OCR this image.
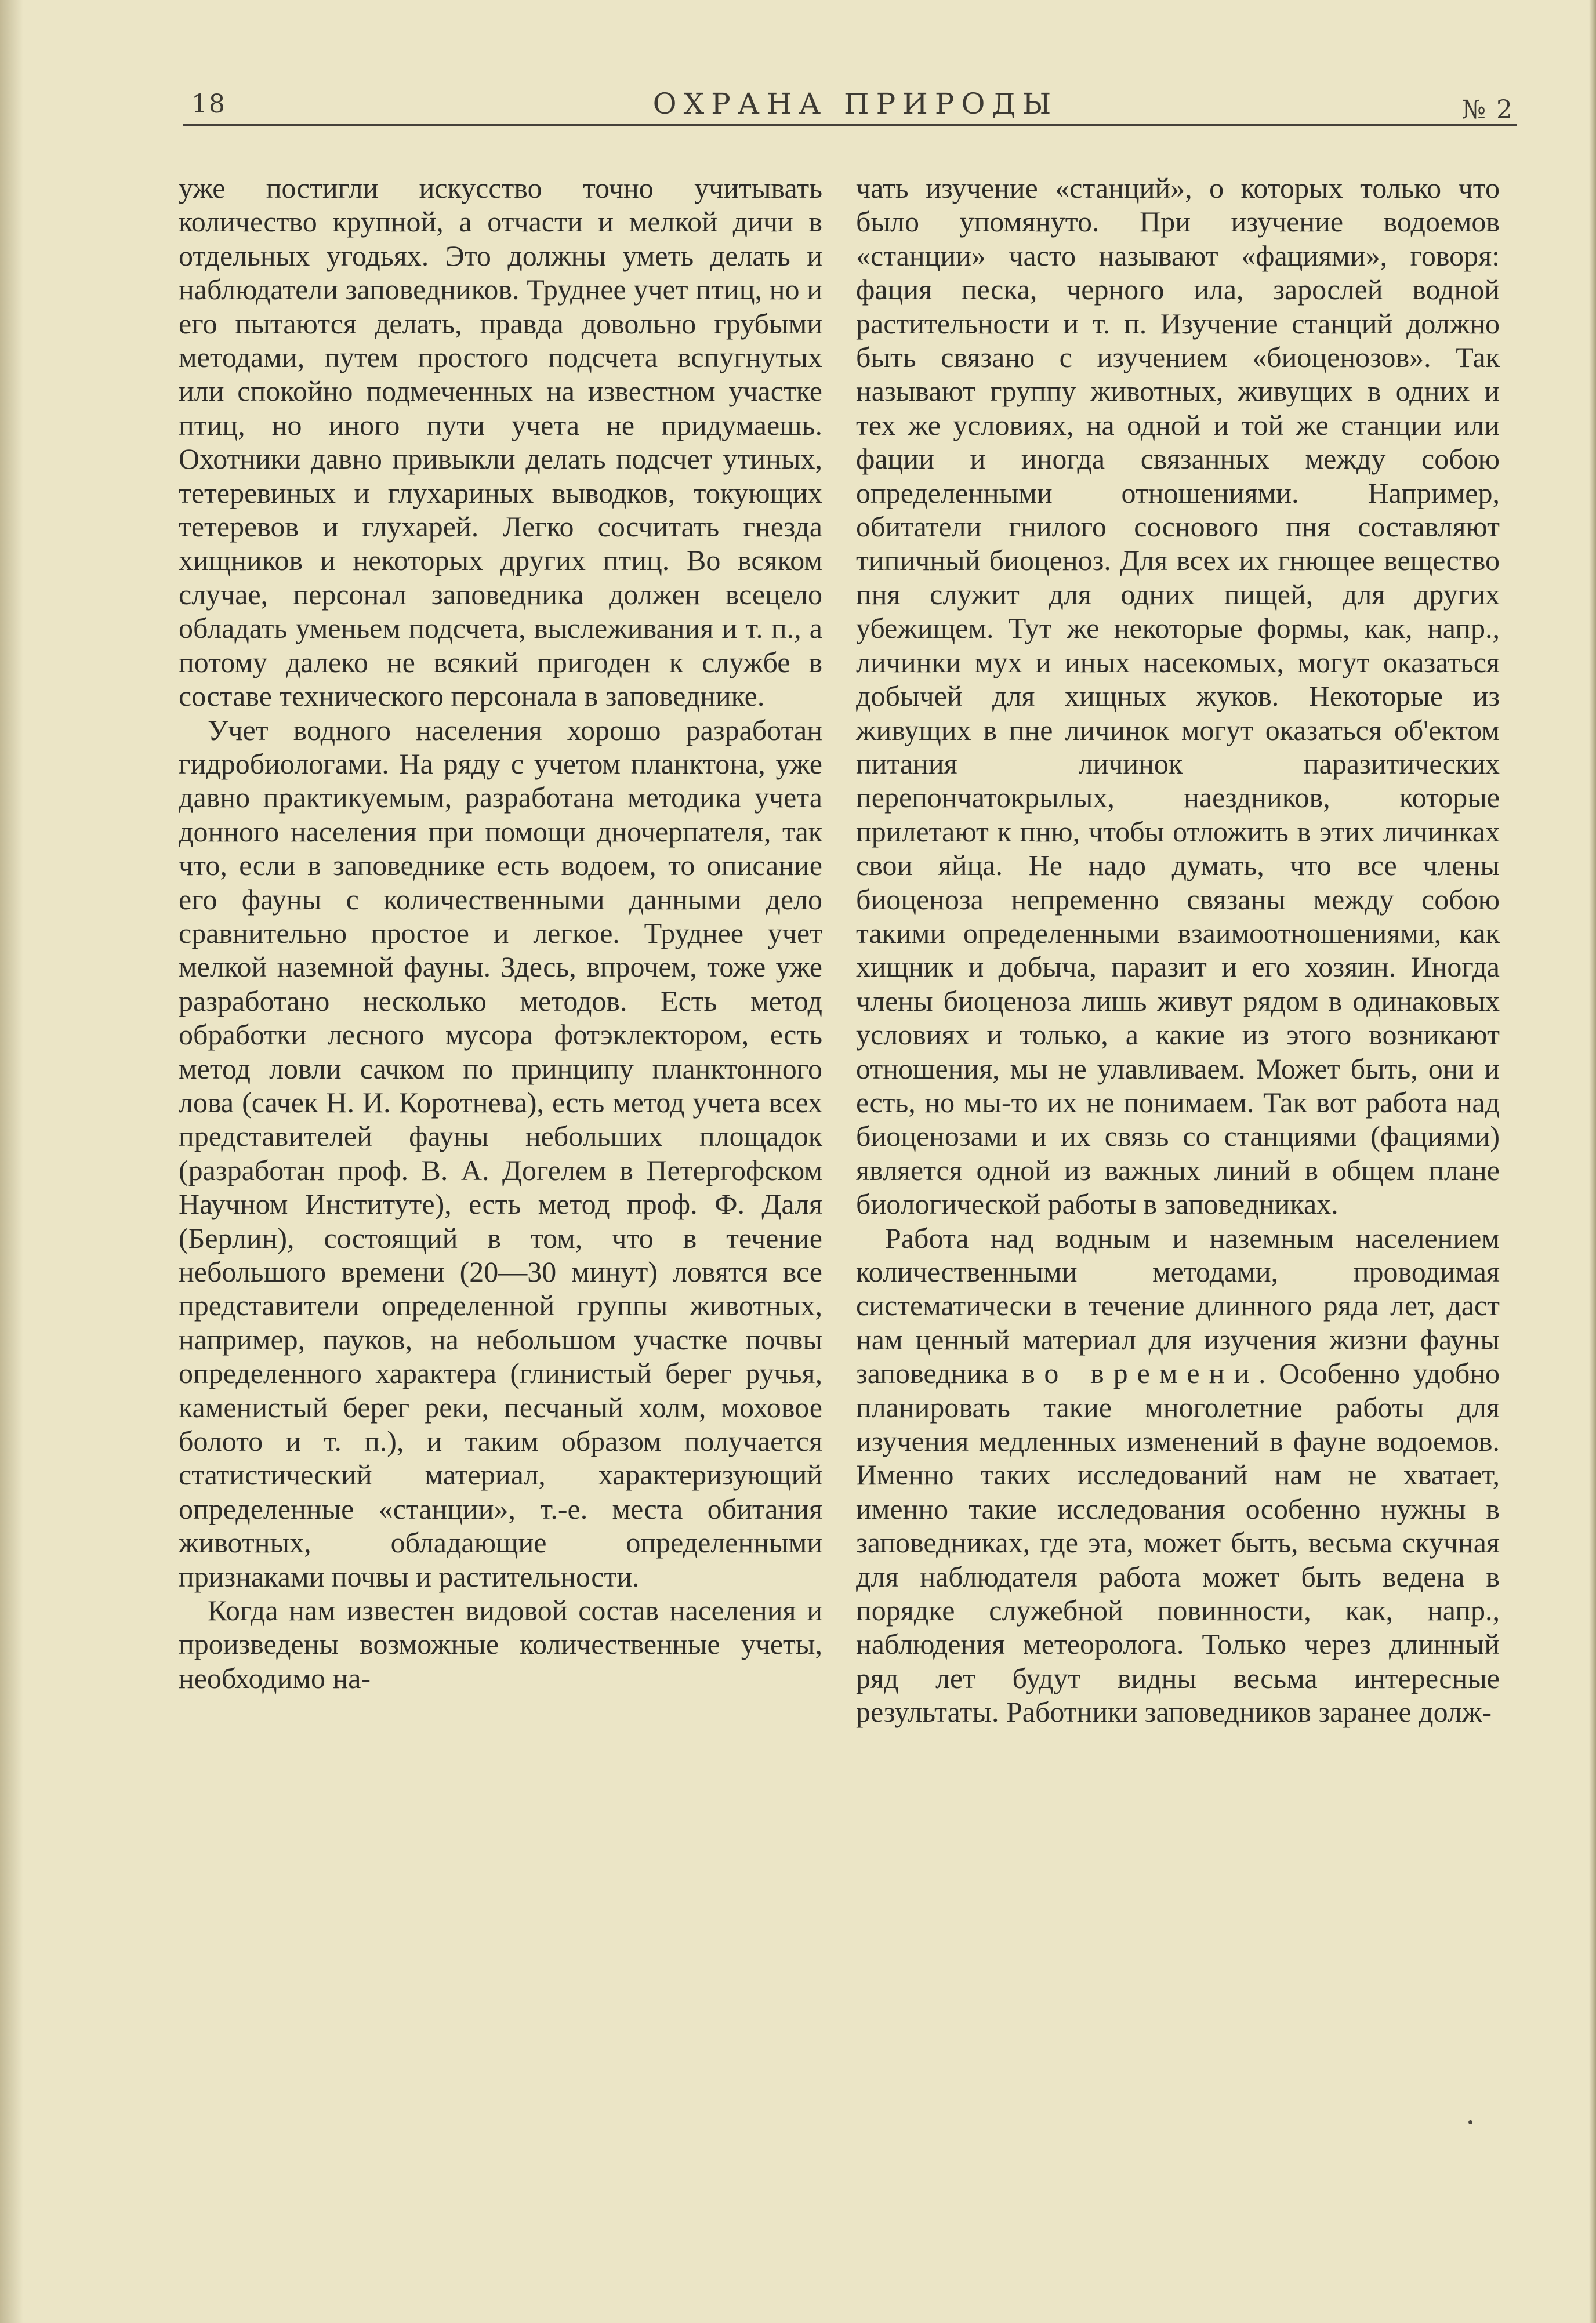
18	ОХРАНА ПРИРОДЫ	№ 2

уже постигли искусство точно учитывать количество крупной, а отчасти и мелкой дичи в отдельных угодьях. Это должны уметь делать и наблюдатели заповедников. Труднее учет птиц, но и его пытаются делать, правда довольно грубыми методами, путем простого подсчета вспугнутых или спокойно подмеченных на известном участке птиц, но иного пути учета не придумаешь. Охотники давно привыкли делать подсчет утиных, тетеревиных и глухариных выводков, токующих тетеревов и глухарей. Легко сосчитать гнезда хищников и некоторых других птиц. Во всяком случае, персонал заповедника должен всецело обладать уменьем подсчета, выслеживания и т. п., а потому далеко не всякий пригоден к службе в составе технического персонала в заповеднике.

Учет водного населения хорошо разработан гидробиологами. На ряду с учетом планктона, уже давно практикуемым, разработана методика учета донного населения при помощи дночерпателя, так что, если в заповеднике есть водоем, то описание его фауны с количественными данными дело сравнительно простое и легкое. Труднее учет мелкой наземной фауны. Здесь, впрочем, тоже уже разработано несколько методов. Есть метод обработки лесного мусора фотэклектором, есть метод ловли сачком по принципу планктонного лова (сачек Н. И. Коротнева), есть метод учета всех представителей фауны небольших площадок (разработан проф. В. А. Догелем в Петергофском Научном Институте), есть метод проф. Ф. Даля (Берлин), состоящий в том, что в течение небольшого времени (20—30 минут) ловятся все представители определенной группы животных, например, пауков, на небольшом участке почвы определенного характера (глинистый берег ручья, каменистый берег реки, песчаный холм, моховое болото и т. п.), и таким образом получается статистический материал, характеризующий определенные «станции», т.-е. места обитания животных, обладающие определенными признаками почвы и растительности.

Когда нам известен видовой состав населения и произведены возможные количественные учеты, необходимо на-

чать изучение «станций», о которых только что было упомянуто. При изучение водоемов «станции» часто называют «фациями», говоря: фация песка, черного ила, зарослей водной растительности и т. п. Изучение станций должно быть связано с изучением «биоценозов». Так называют группу животных, живущих в одних и тех же условиях, на одной и той же станции или фации и иногда связанных между собою определенными отношениями. Например, обитатели гнилого соснового пня составляют типичный биоценоз. Для всех их гнющее вещество пня служит для одних пищей, для других убежищем. Тут же некоторые формы, как, напр., личинки мух и иных насекомых, могут оказаться добычей для хищных жуков. Некоторые из живущих в пне личинок могут оказаться об'ектом питания личинок паразитических перепончатокрылых, наездников, которые прилетают к пню, чтобы отложить в этих личинках свои яйца. Не надо думать, что все члены биоценоза непременно связаны между собою такими определенными взаимоотношениями, как хищник и добыча, паразит и его хозяин. Иногда члены биоценоза лишь живут рядом в одинаковых условиях и только, а какие из этого возникают отношения, мы не улавливаем. Может быть, они и есть, но мы-то их не понимаем. Так вот работа над биоценозами и их связь со станциями (фациями) является одной из важных линий в общем плане биологической работы в заповедниках.

Работа над водным и наземным населением количественными методами, проводимая систематически в течение длинного ряда лет, даст нам ценный материал для изучения жизни фауны заповедника во времени. Особенно удобно планировать такие многолетние работы для изучения медленных изменений в фауне водоемов. Именно таких исследований нам не хватает, именно такие исследования особенно нужны в заповедниках, где эта, может быть, весьма скучная для наблюдателя работа может быть ведена в порядке служебной повинности, как, напр., наблюдения метеоролога. Только через длинный ряд лет будут видны весьма интересные результаты. Работники заповедников заранее долж-
